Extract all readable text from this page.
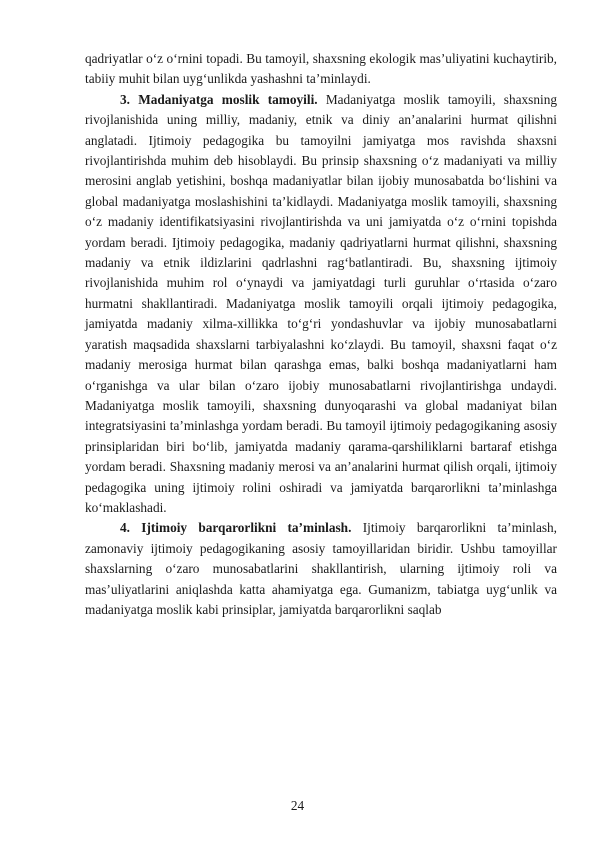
qadriyatlar o‘z o‘rnini topadi. Bu tamoyil, shaxsning ekologik mas’uliyatini kuchaytirib, tabiiy muhit bilan uyg‘unlikda yashashni ta’minlaydi.

3. Madaniyatga moslik tamoyili. Madaniyatga moslik tamoyili, shaxsning rivojlanishida uning milliy, madaniy, etnik va diniy an’analarini hurmat qilishni anglatadi. Ijtimoiy pedagogika bu tamoyilni jamiyatga mos ravishda shaxsni rivojlantirishda muhim deb hisoblaydi. Bu prinsip shaxsning o‘z madaniyati va milliy merosini anglab yetishini, boshqa madaniyatlar bilan ijobiy munosabatda bo‘lishini va global madaniyatga moslashishini ta’kidlaydi. Madaniyatga moslik tamoyili, shaxsning o‘z madaniy identifikatsiyasini rivojlantirishda va uni jamiyatda o‘z o‘rnini topishda yordam beradi. Ijtimoiy pedagogika, madaniy qadriyatlarni hurmat qilishni, shaxsning madaniy va etnik ildizlarini qadrlashni rag‘batlantiradi. Bu, shaxsning ijtimoiy rivojlanishida muhim rol o‘ynaydi va jamiyatdagi turli guruhlar o‘rtasida o‘zaro hurmatni shakllantiradi. Madaniyatga moslik tamoyili orqali ijtimoiy pedagogika, jamiyatda madaniy xilma-xillikka to‘g‘ri yondashuvlar va ijobiy munosabatlarni yaratish maqsadida shaxslarni tarbiyalashni ko‘zlaydi. Bu tamoyil, shaxsni faqat o‘z madaniy merosiga hurmat bilan qarashga emas, balki boshqa madaniyatlarni ham o‘rganishga va ular bilan o‘zaro ijobiy munosabatlarni rivojlantirishga undaydi. Madaniyatga moslik tamoyili, shaxsning dunyoqarashi va global madaniyat bilan integratsiyasini ta’minlashga yordam beradi. Bu tamoyil ijtimoiy pedagogikaning asosiy prinsiplaridan biri bo‘lib, jamiyatda madaniy qarama-qarshiliklarni bartaraf etishga yordam beradi. Shaxsning madaniy merosi va an’analarini hurmat qilish orqali, ijtimoiy pedagogika uning ijtimoiy rolini oshiradi va jamiyatda barqarorlikni ta’minlashga ko‘maklashadi.

4. Ijtimoiy barqarorlikni ta’minlash. Ijtimoiy barqarorlikni ta’minlash, zamonaviy ijtimoiy pedagogikaning asosiy tamoyillaridan biridir. Ushbu tamoyillar shaxslarning o‘zaro munosabatlarini shakllantirish, ularning ijtimoiy roli va mas’uliyatlarini aniqlashda katta ahamiyatga ega. Gumanizm, tabiatga uyg‘unlik va madaniyatga moslik kabi prinsiplar, jamiyatda barqarorlikni saqlab

24
